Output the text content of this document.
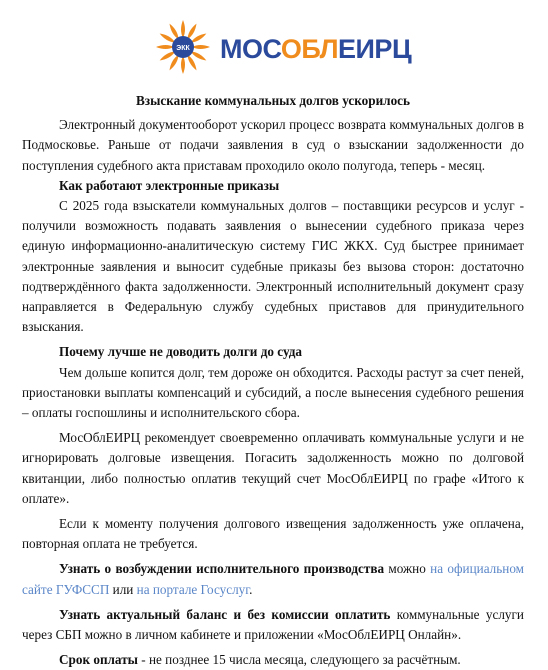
ЭКК МОСОБЛЕИРЦ
Взыскание коммунальных долгов ускорилось

Электронный документооборот ускорил процесс возврата коммунальных долгов в Подмосковье. Раньше от подачи заявления в суд о взыскании задолженности до поступления судебного акта приставам проходило около полугода, теперь - месяц.

Как работают электронные приказы

С 2025 года взыскатели коммунальных долгов – поставщики ресурсов и услуг - получили возможность подавать заявления о вынесении судебного приказа через единую информационно-аналитическую систему ГИС ЖКХ. Суд быстрее принимает электронные заявления и выносит судебные приказы без вызова сторон: достаточно подтверждённого факта задолженности. Электронный исполнительный документ сразу направляется в Федеральную службу судебных приставов для принудительного взыскания.

Почему лучше не доводить долги до суда

Чем дольше копится долг, тем дороже он обходится. Расходы растут за счет пеней, приостановки выплаты компенсаций и субсидий, а после вынесения судебного решения – оплаты госпошлины и исполнительского сбора.

МосОблЕИРЦ рекомендует своевременно оплачивать коммунальные услуги и не игнорировать долговые извещения. Погасить задолженность можно по долговой квитанции, либо полностью оплатив текущий счет МосОблЕИРЦ по графе «Итого к оплате».

Если к моменту получения долгового извещения задолженность уже оплачена, повторная оплата не требуется.

Узнать о возбуждении исполнительного производства можно на официальном сайте ГУФССП или на портале Госуслуг.

Узнать актуальный баланс и без комиссии оплатить коммунальные услуги через СБП можно в личном кабинете и приложении «МосОблЕИРЦ Онлайн».

Срок оплаты - не позднее 15 числа месяца, следующего за расчётным.
